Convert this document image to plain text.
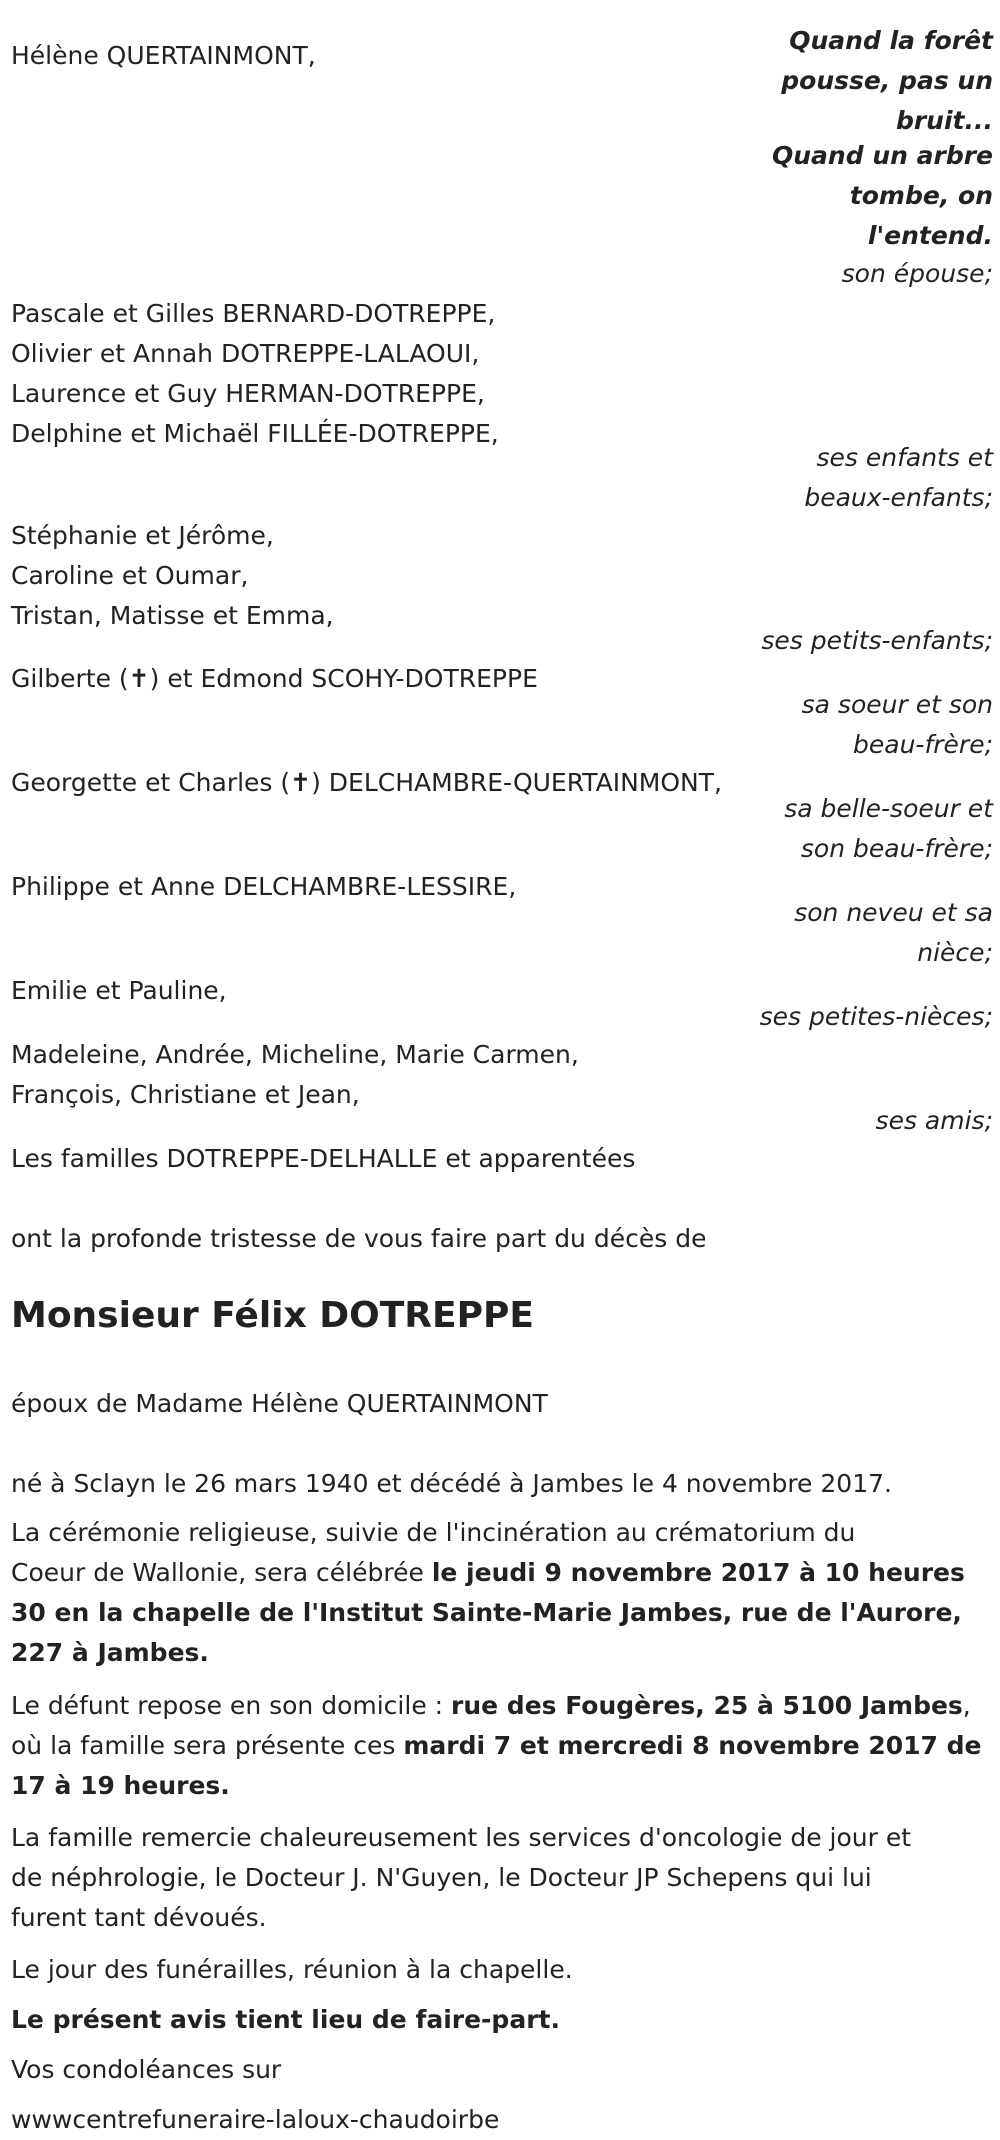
Hélène QUERTAINMONT,

Quand la forêt

pousse, pas un

bruit...

Quand un arbre

tombe, on

l'entend.

son épouse;

Pascale et Gilles BERNARD-DOTREPPE,

Olivier et Annah DOTREPPE-LALAOUI,

Laurence et Guy HERMAN-DOTREPPE,

Delphine et Michaël FILLÉE-DOTREPPE,

ses enfants et

beaux-enfants;

Stéphanie et Jérôme,

Caroline et Oumar,

Tristan, Matisse et Emma,

ses petits-enfants;

Gilberte (✝) et Edmond SCOHY-DOTREPPE

sa soeur et son

beau-frère;

Georgette et Charles (✝) DELCHAMBRE-QUERTAINMONT,

sa belle-soeur et

son beau-frère;

Philippe et Anne DELCHAMBRE-LESSIRE,

son neveu et sa

nièce;

Emilie et Pauline,

ses petites-nièces;

Madeleine, Andrée, Micheline, Marie Carmen,

François, Christiane et Jean,

ses amis;

Les familles DOTREPPE-DELHALLE et apparentées

ont la profonde tristesse de vous faire part du décès de

Monsieur Félix DOTREPPE

époux de Madame Hélène QUERTAINMONT

né à Sclayn le 26 mars 1940 et décédé à Jambes le 4 novembre 2017.

La cérémonie religieuse, suivie de l'incinération au crématorium du

Coeur de Wallonie, sera célébrée le jeudi 9 novembre 2017 à 10 heures

30 en la chapelle de l'Institut Sainte-Marie Jambes, rue de l'Aurore,

227 à Jambes.

Le défunt repose en son domicile : rue des Fougères, 25 à 5100 Jambes,

où la famille sera présente ces mardi 7 et mercredi 8 novembre 2017 de

17 à 19 heures.

La famille remercie chaleureusement les services d'oncologie de jour et

de néphrologie, le Docteur J. N'Guyen, le Docteur JP Schepens qui lui

furent tant dévoués.

Le jour des funérailles, réunion à la chapelle.

Le présent avis tient lieu de faire-part.

Vos condoléances sur

wwwcentrefuneraire-laloux-chaudoirbe
